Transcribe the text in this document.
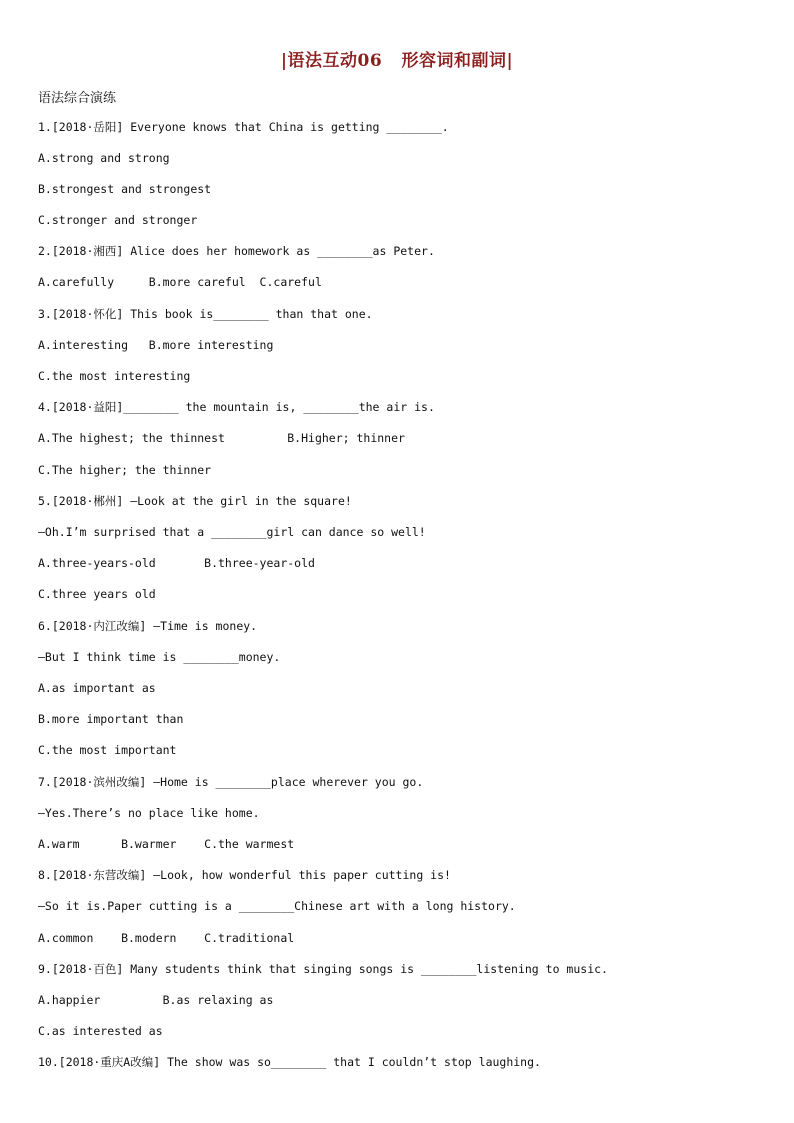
|语法互动06   形容词和副词|
语法综合演练
1.[2018·岳阳] Everyone knows that China is getting ________.
A.strong and strong
B.strongest and strongest
C.stronger and stronger
2.[2018·湘西] Alice does her homework as ________as Peter.
A.carefully     B.more careful  C.careful
3.[2018·怀化] This book is________ than that one.
A.interesting   B.more interesting
C.the most interesting
4.[2018·益阳]________ the mountain is, ________the air is.
A.The highest; the thinnest         B.Higher; thinner
C.The higher; the thinner
5.[2018·郴州] —Look at the girl in the square!
—Oh.I’m surprised that a ________girl can dance so well!
A.three-years-old       B.three-year-old
C.three years old
6.[2018·内江改编] —Time is money.
—But I think time is ________money.
A.as important as
B.more important than
C.the most important
7.[2018·滨州改编] —Home is ________place wherever you go.
—Yes.There’s no place like home.
A.warm      B.warmer    C.the warmest
8.[2018·东营改编] —Look, how wonderful this paper cutting is!
—So it is.Paper cutting is a ________Chinese art with a long history.
A.common    B.modern    C.traditional
9.[2018·百色] Many students think that singing songs is ________listening to music.
A.happier         B.as relaxing as
C.as interested as
10.[2018·重庆A改编] The show was so________ that I couldn’t stop laughing.
